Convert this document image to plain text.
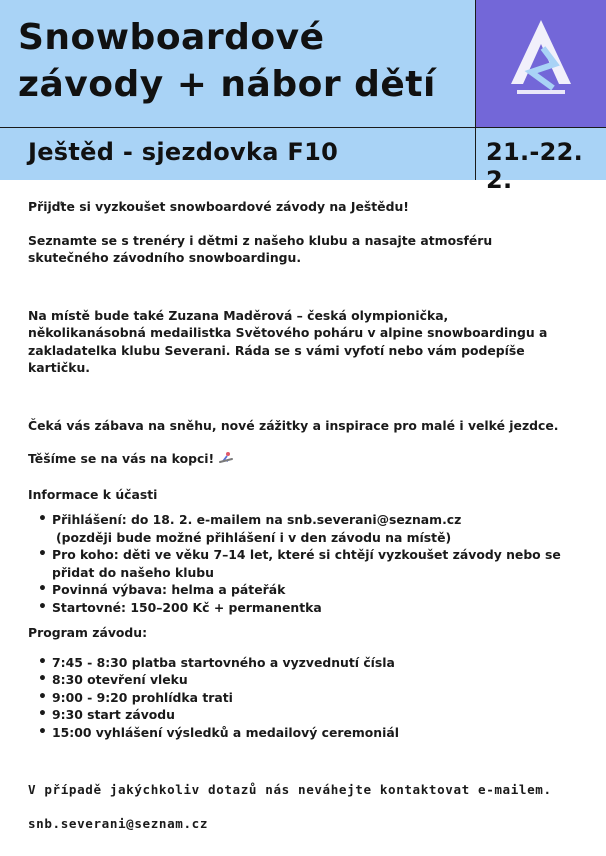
Snowboardové
závody + nábor dětí
Ještěd - sjezdovka F10	21.-22. 2.

Přijďte si vyzkoušet snowboardové závody na Ještědu!

Seznamte se s trenéry i dětmi z našeho klubu a nasajte atmosféru skutečného závodního snowboardingu.

Na místě bude také Zuzana Maděrová – česká olympionička, několikanásobná medailistka Světového poháru v alpine snowboardingu a zakladatelka klubu Severani. Ráda se s vámi vyfotí nebo vám podepíše kartičku.

Čeká vás zábava na sněhu, nové zážitky a inspirace pro malé i velké jezdce.

Těšíme se na vás na kopci!

Informace k účasti

• Přihlášení: do 18. 2. e-mailem na snb.severani@seznam.cz
(později bude možné přihlášení i v den závodu na místě)
• Pro koho: děti ve věku 7–14 let, které si chtějí vyzkoušet závody nebo se přidat do našeho klubu
• Povinná výbava: helma a páteřák
• Startovné: 150–200 Kč + permanentka

Program závodu:

• 7:45 - 8:30 platba startovného a vyzvednutí čísla
• 8:30 otevření vleku
• 9:00 - 9:20 prohlídka trati
• 9:30 start závodu
• 15:00 vyhlášení výsledků a medailový ceremoniál

V případě jakýchkoliv dotazů nás neváhejte kontaktovat e-mailem.

snb.severani@seznam.cz
